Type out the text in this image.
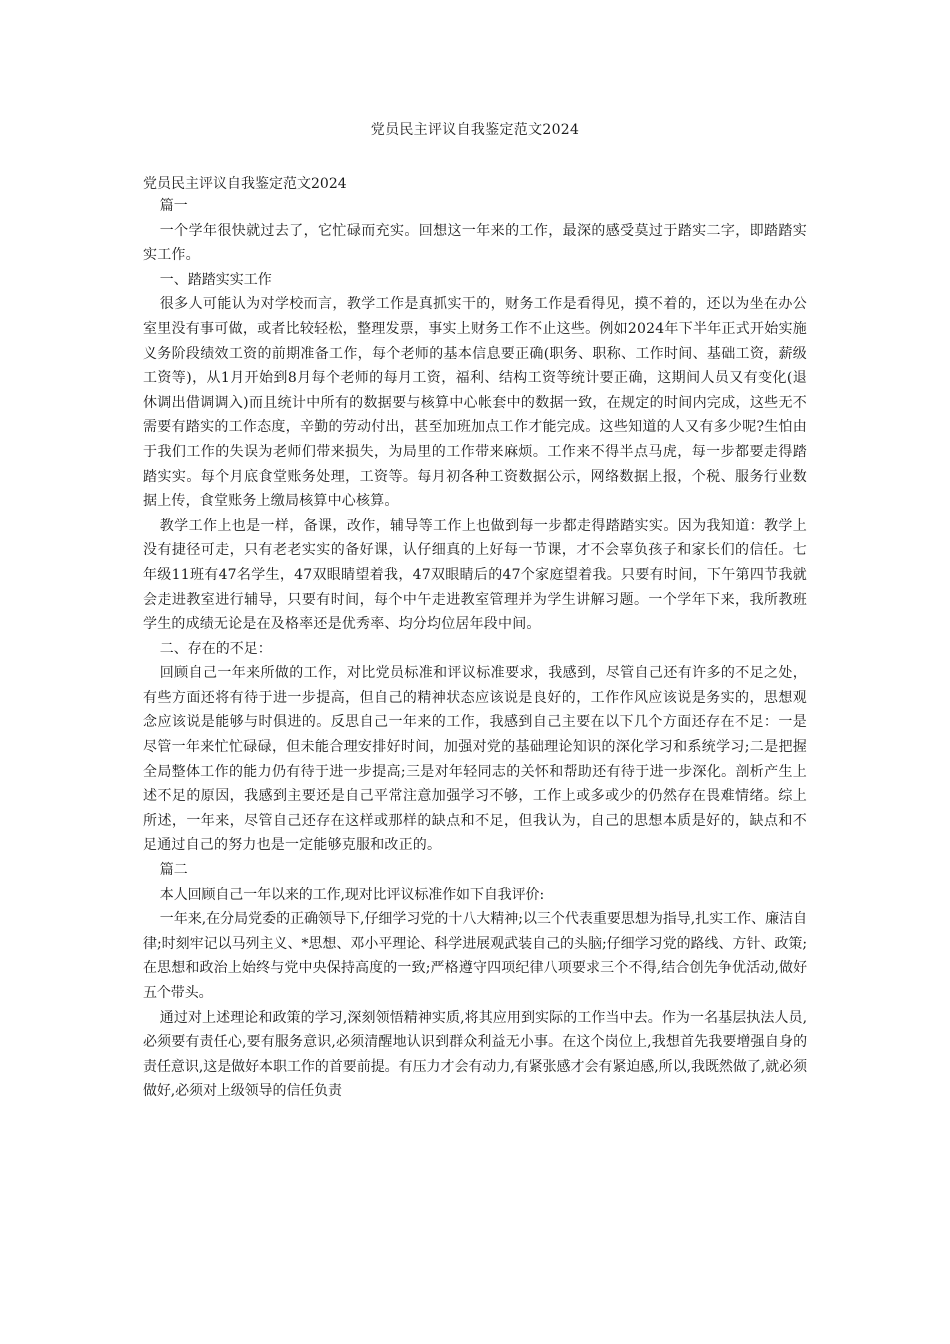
党员民主评议自我鉴定范文2024
党员民主评议自我鉴定范文2024
篇一
一个学年很快就过去了，它忙碌而充实。回想这一年来的工作，最深的感受莫过于踏实二字，即踏踏实实工作。
一、踏踏实实工作
很多人可能认为对学校而言，教学工作是真抓实干的，财务工作是看得见，摸不着的，还以为坐在办公室里没有事可做，或者比较轻松，整理发票，事实上财务工作不止这些。例如2024年下半年正式开始实施义务阶段绩效工资的前期准备工作，每个老师的基本信息要正确(职务、职称、工作时间、基础工资，薪级工资等)，从1月开始到8月每个老师的每月工资，福利、结构工资等统计要正确，这期间人员又有变化(退休调出借调调入)而且统计中所有的数据要与核算中心帐套中的数据一致，在规定的时间内完成，这些无不需要有踏实的工作态度，辛勤的劳动付出，甚至加班加点工作才能完成。这些知道的人又有多少呢?生怕由于我们工作的失误为老师们带来损失，为局里的工作带来麻烦。工作来不得半点马虎，每一步都要走得踏踏实实。每个月底食堂账务处理，工资等。每月初各种工资数据公示，网络数据上报，个税、服务行业数据上传，食堂账务上缴局核算中心核算。
教学工作上也是一样，备课，改作，辅导等工作上也做到每一步都走得踏踏实实。因为我知道：教学上没有捷径可走，只有老老实实的备好课，认仔细真的上好每一节课，才不会辜负孩子和家长们的信任。七年级11班有47名学生，47双眼睛望着我，47双眼睛后的47个家庭望着我。只要有时间，下午第四节我就会走进教室进行辅导，只要有时间，每个中午走进教室管理并为学生讲解习题。一个学年下来，我所教班学生的成绩无论是在及格率还是优秀率、均分均位居年段中间。
二、存在的不足：
回顾自己一年来所做的工作，对比党员标准和评议标准要求，我感到，尽管自己还有许多的不足之处，有些方面还将有待于进一步提高，但自己的精神状态应该说是良好的，工作作风应该说是务实的，思想观念应该说是能够与时俱进的。反思自己一年来的工作，我感到自己主要在以下几个方面还存在不足：一是尽管一年来忙忙碌碌，但未能合理安排好时间，加强对党的基础理论知识的深化学习和系统学习;二是把握全局整体工作的能力仍有待于进一步提高;三是对年轻同志的关怀和帮助还有待于进一步深化。剖析产生上述不足的原因，我感到主要还是自己平常注意加强学习不够，工作上或多或少的仍然存在畏难情绪。综上所述，一年来，尽管自己还存在这样或那样的缺点和不足，但我认为，自己的思想本质是好的，缺点和不足通过自己的努力也是一定能够克服和改正的。
篇二
本人回顾自己一年以来的工作,现对比评议标准作如下自我评价:
一年来,在分局党委的正确领导下,仔细学习党的十八大精神;以三个代表重要思想为指导,扎实工作、廉洁自律;时刻牢记以马列主义、*思想、邓小平理论、科学进展观武装自己的头脑;仔细学习党的路线、方针、政策;在思想和政治上始终与党中央保持高度的一致;严格遵守四项纪律八项要求三个不得,结合创先争优活动,做好五个带头。
通过对上述理论和政策的学习,深刻领悟精神实质,将其应用到实际的工作当中去。作为一名基层执法人员,必须要有责任心,要有服务意识,必须清醒地认识到群众利益无小事。在这个岗位上,我想首先我要增强自身的责任意识,这是做好本职工作的首要前提。有压力才会有动力,有紧张感才会有紧迫感,所以,我既然做了,就必须做好,必须对上级领导的信任负责
